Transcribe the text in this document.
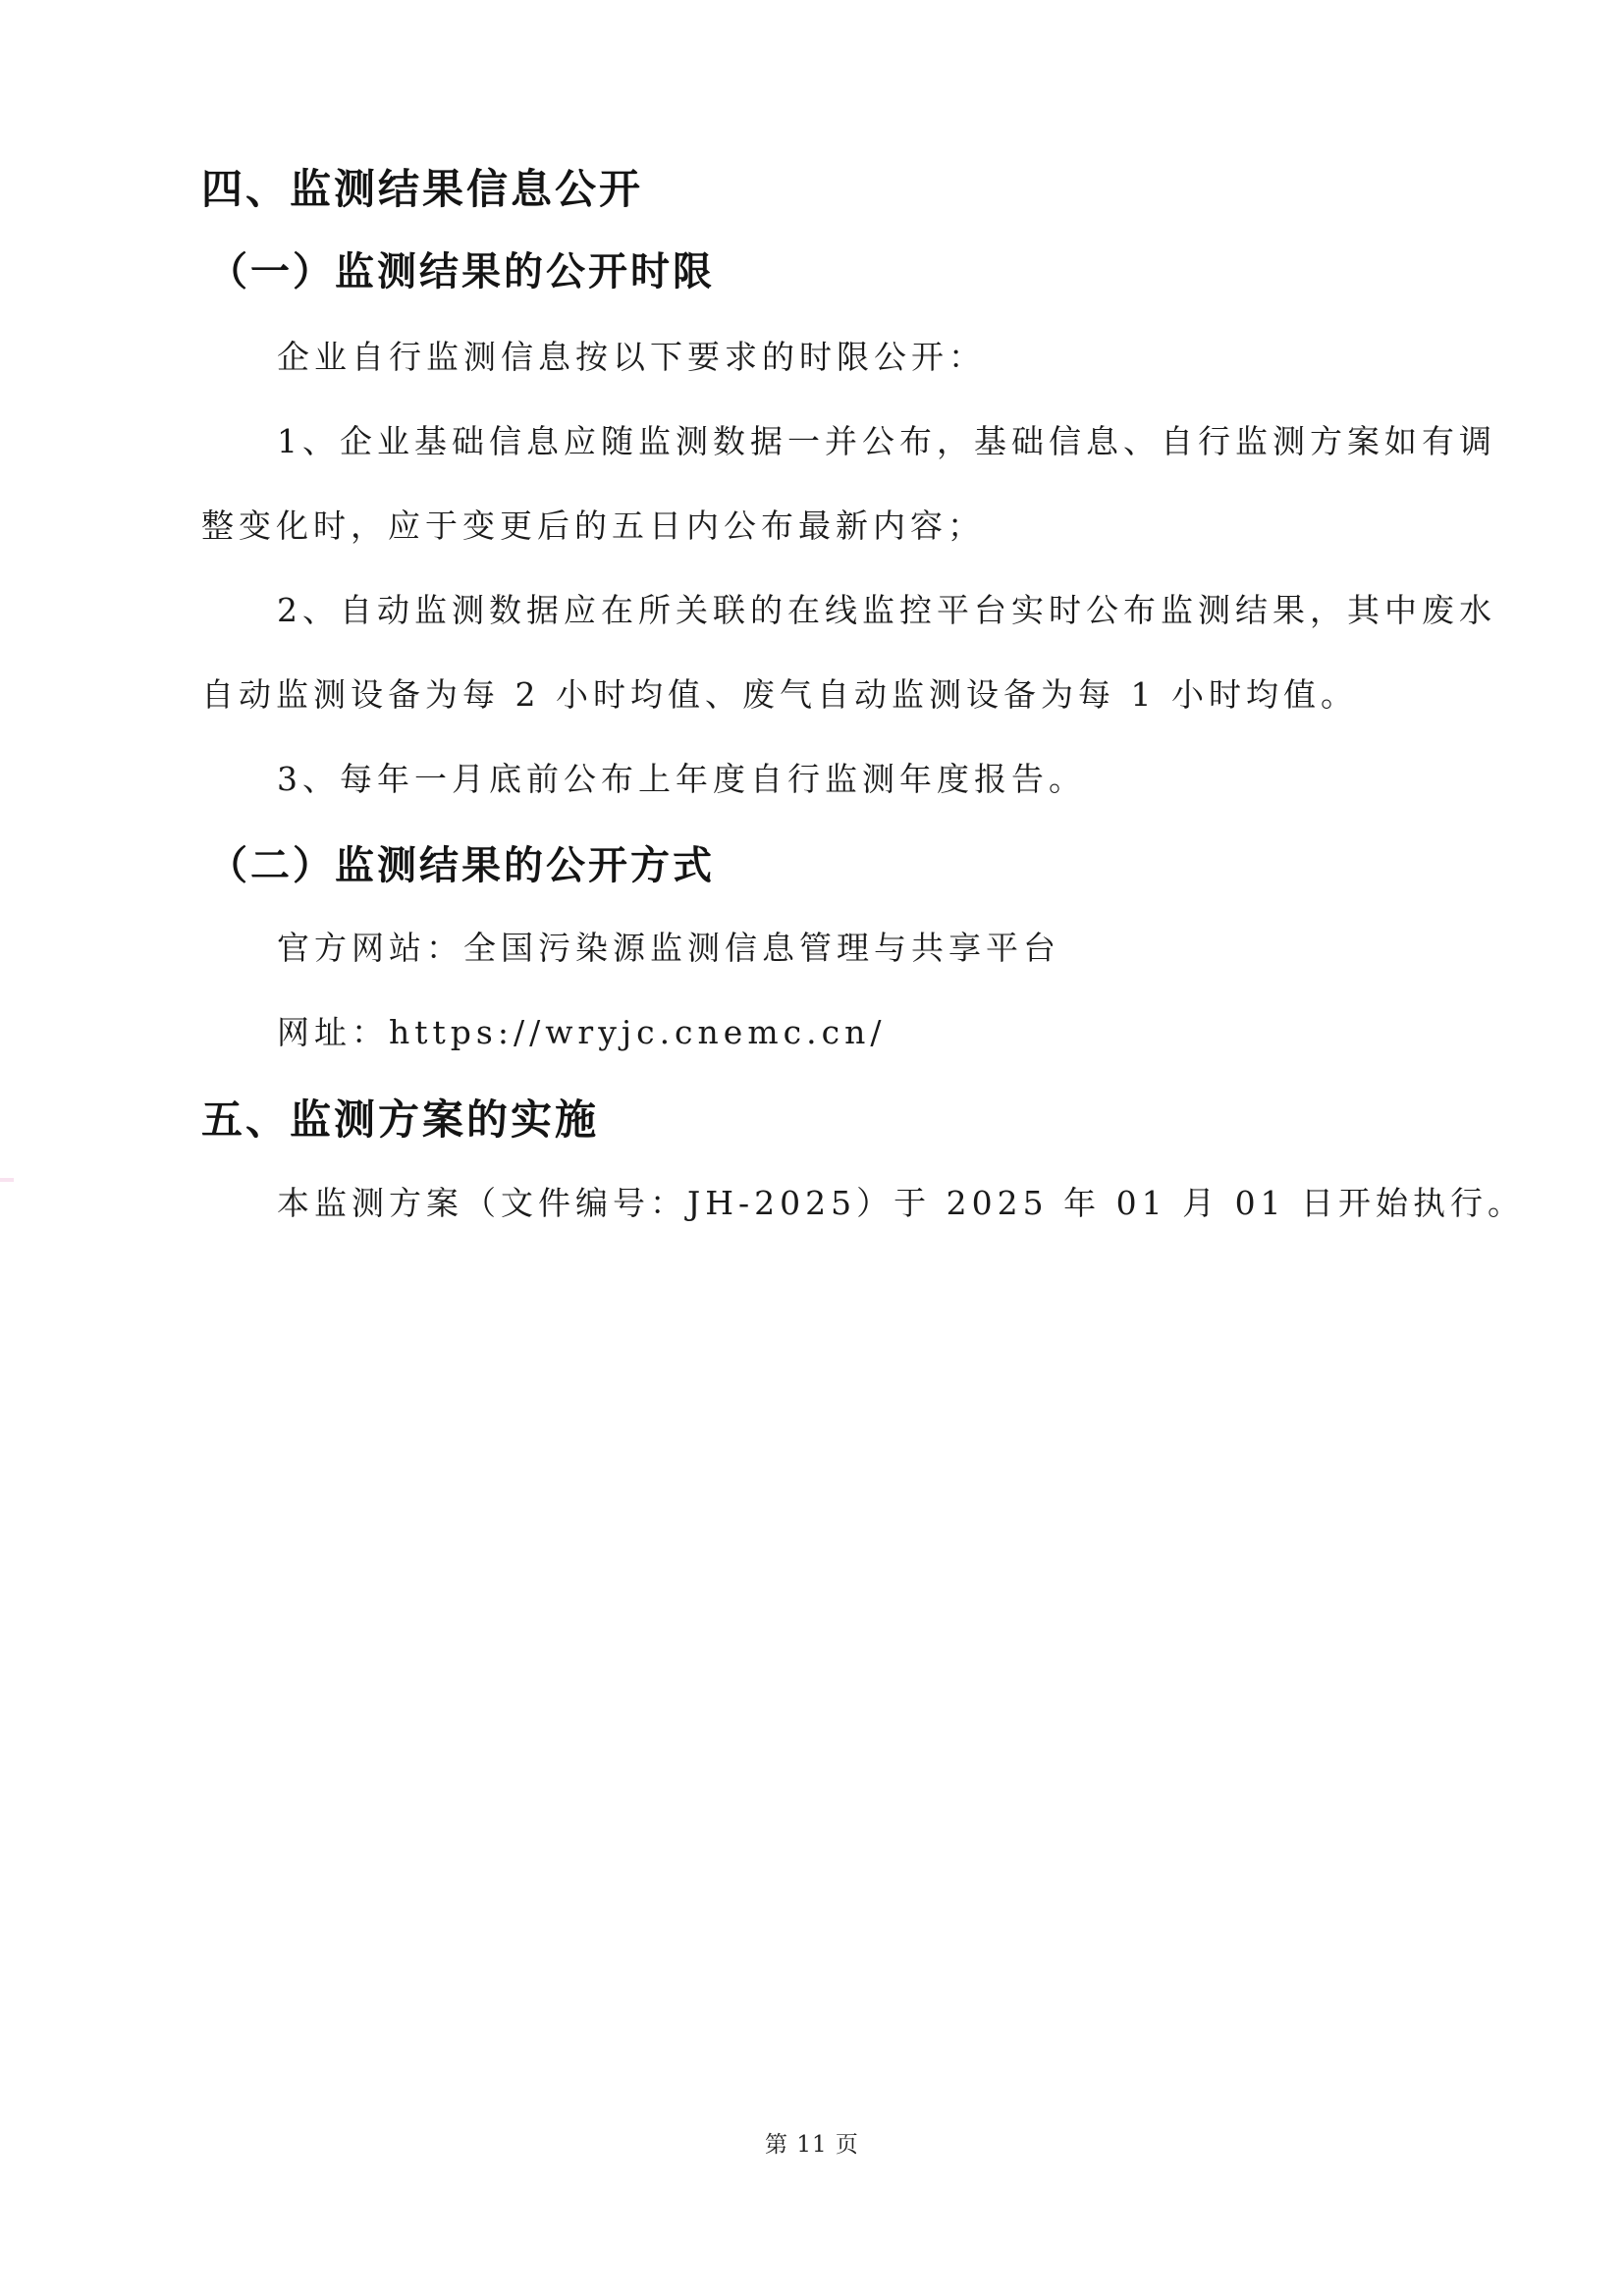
四、监测结果信息公开
（一）监测结果的公开时限
企业自行监测信息按以下要求的时限公开：
1、企业基础信息应随监测数据一并公布，基础信息、自行监测方案如有调
整变化时，应于变更后的五日内公布最新内容；
2、自动监测数据应在所关联的在线监控平台实时公布监测结果，其中废水
自动监测设备为每 2 小时均值、废气自动监测设备为每 1 小时均值。
3、每年一月底前公布上年度自行监测年度报告。
（二）监测结果的公开方式
官方网站：全国污染源监测信息管理与共享平台
网址：https://wryjc.cnemc.cn/
五、监测方案的实施
本监测方案（文件编号：JH-2025）于 2025 年 01 月 01 日开始执行。
第 11 页
